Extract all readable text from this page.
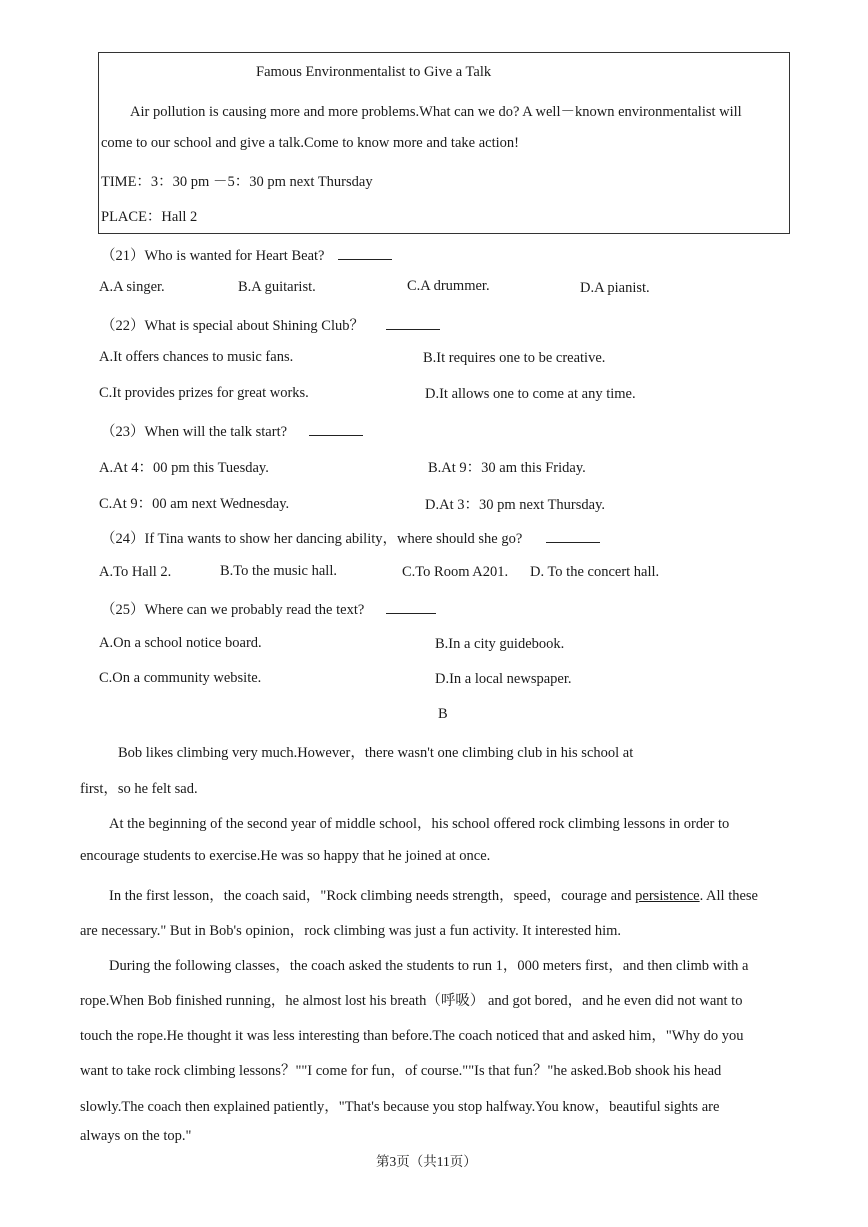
Famous Environmentalist to Give a Talk
Air pollution is causing more and more problems.What can we do? A well－known environmentalist will
come to our school and give a talk.Come to know more and take action!
TIME：3：30 pm －5：30 pm next Thursday
PLACE：Hall 2
（21）Who is wanted for Heart Beat?
A.A singer.	B.A guitarist.	C.A drummer.	D.A pianist.
（22）What is special about Shining Club？
A.It offers chances to music fans.	B.It requires one to be creative.
C.It provides prizes for great works.	D.It allows one to come at any time.
（23）When will the talk start?
A.At 4：00 pm this Tuesday.	B.At 9：30 am this Friday.
C.At 9：00 am next Wednesday.	D.At 3：30 pm next Thursday.
（24）If Tina wants to show her dancing ability，where should she go?
A.To Hall 2.	B.To the music hall.	C.To Room A201. D. To the concert hall.
（25）Where can we probably read the text?
A.On a school notice board.	B.In a city guidebook.
C.On a community website.	D.In a local newspaper.
B
Bob likes climbing very much.However，there wasn't one climbing club in his school at
first，so he felt sad.
At the beginning of the second year of middle school，his school offered rock climbing lessons in order to
encourage students to exercise.He was so happy that he joined at once.
In the first lesson，the coach said，"Rock climbing needs strength，speed，courage and persistence. All these
are necessary." But in Bob's opinion，rock climbing was just a fun activity. It interested him.
During the following classes，the coach asked the students to run 1，000 meters first，and then climb with a
rope.When Bob finished running，he almost lost his breath（呼吸） and got bored，and he even did not want to
touch the rope.He thought it was less interesting than before.The coach noticed that and asked him，"Why do you
want to take rock climbing lessons？""I come for fun，of course.""Is that fun？"he asked.Bob shook his head
slowly.The coach then explained patiently，"That's because you stop halfway.You know，beautiful sights are
always on the top."
第3页（共11页）
